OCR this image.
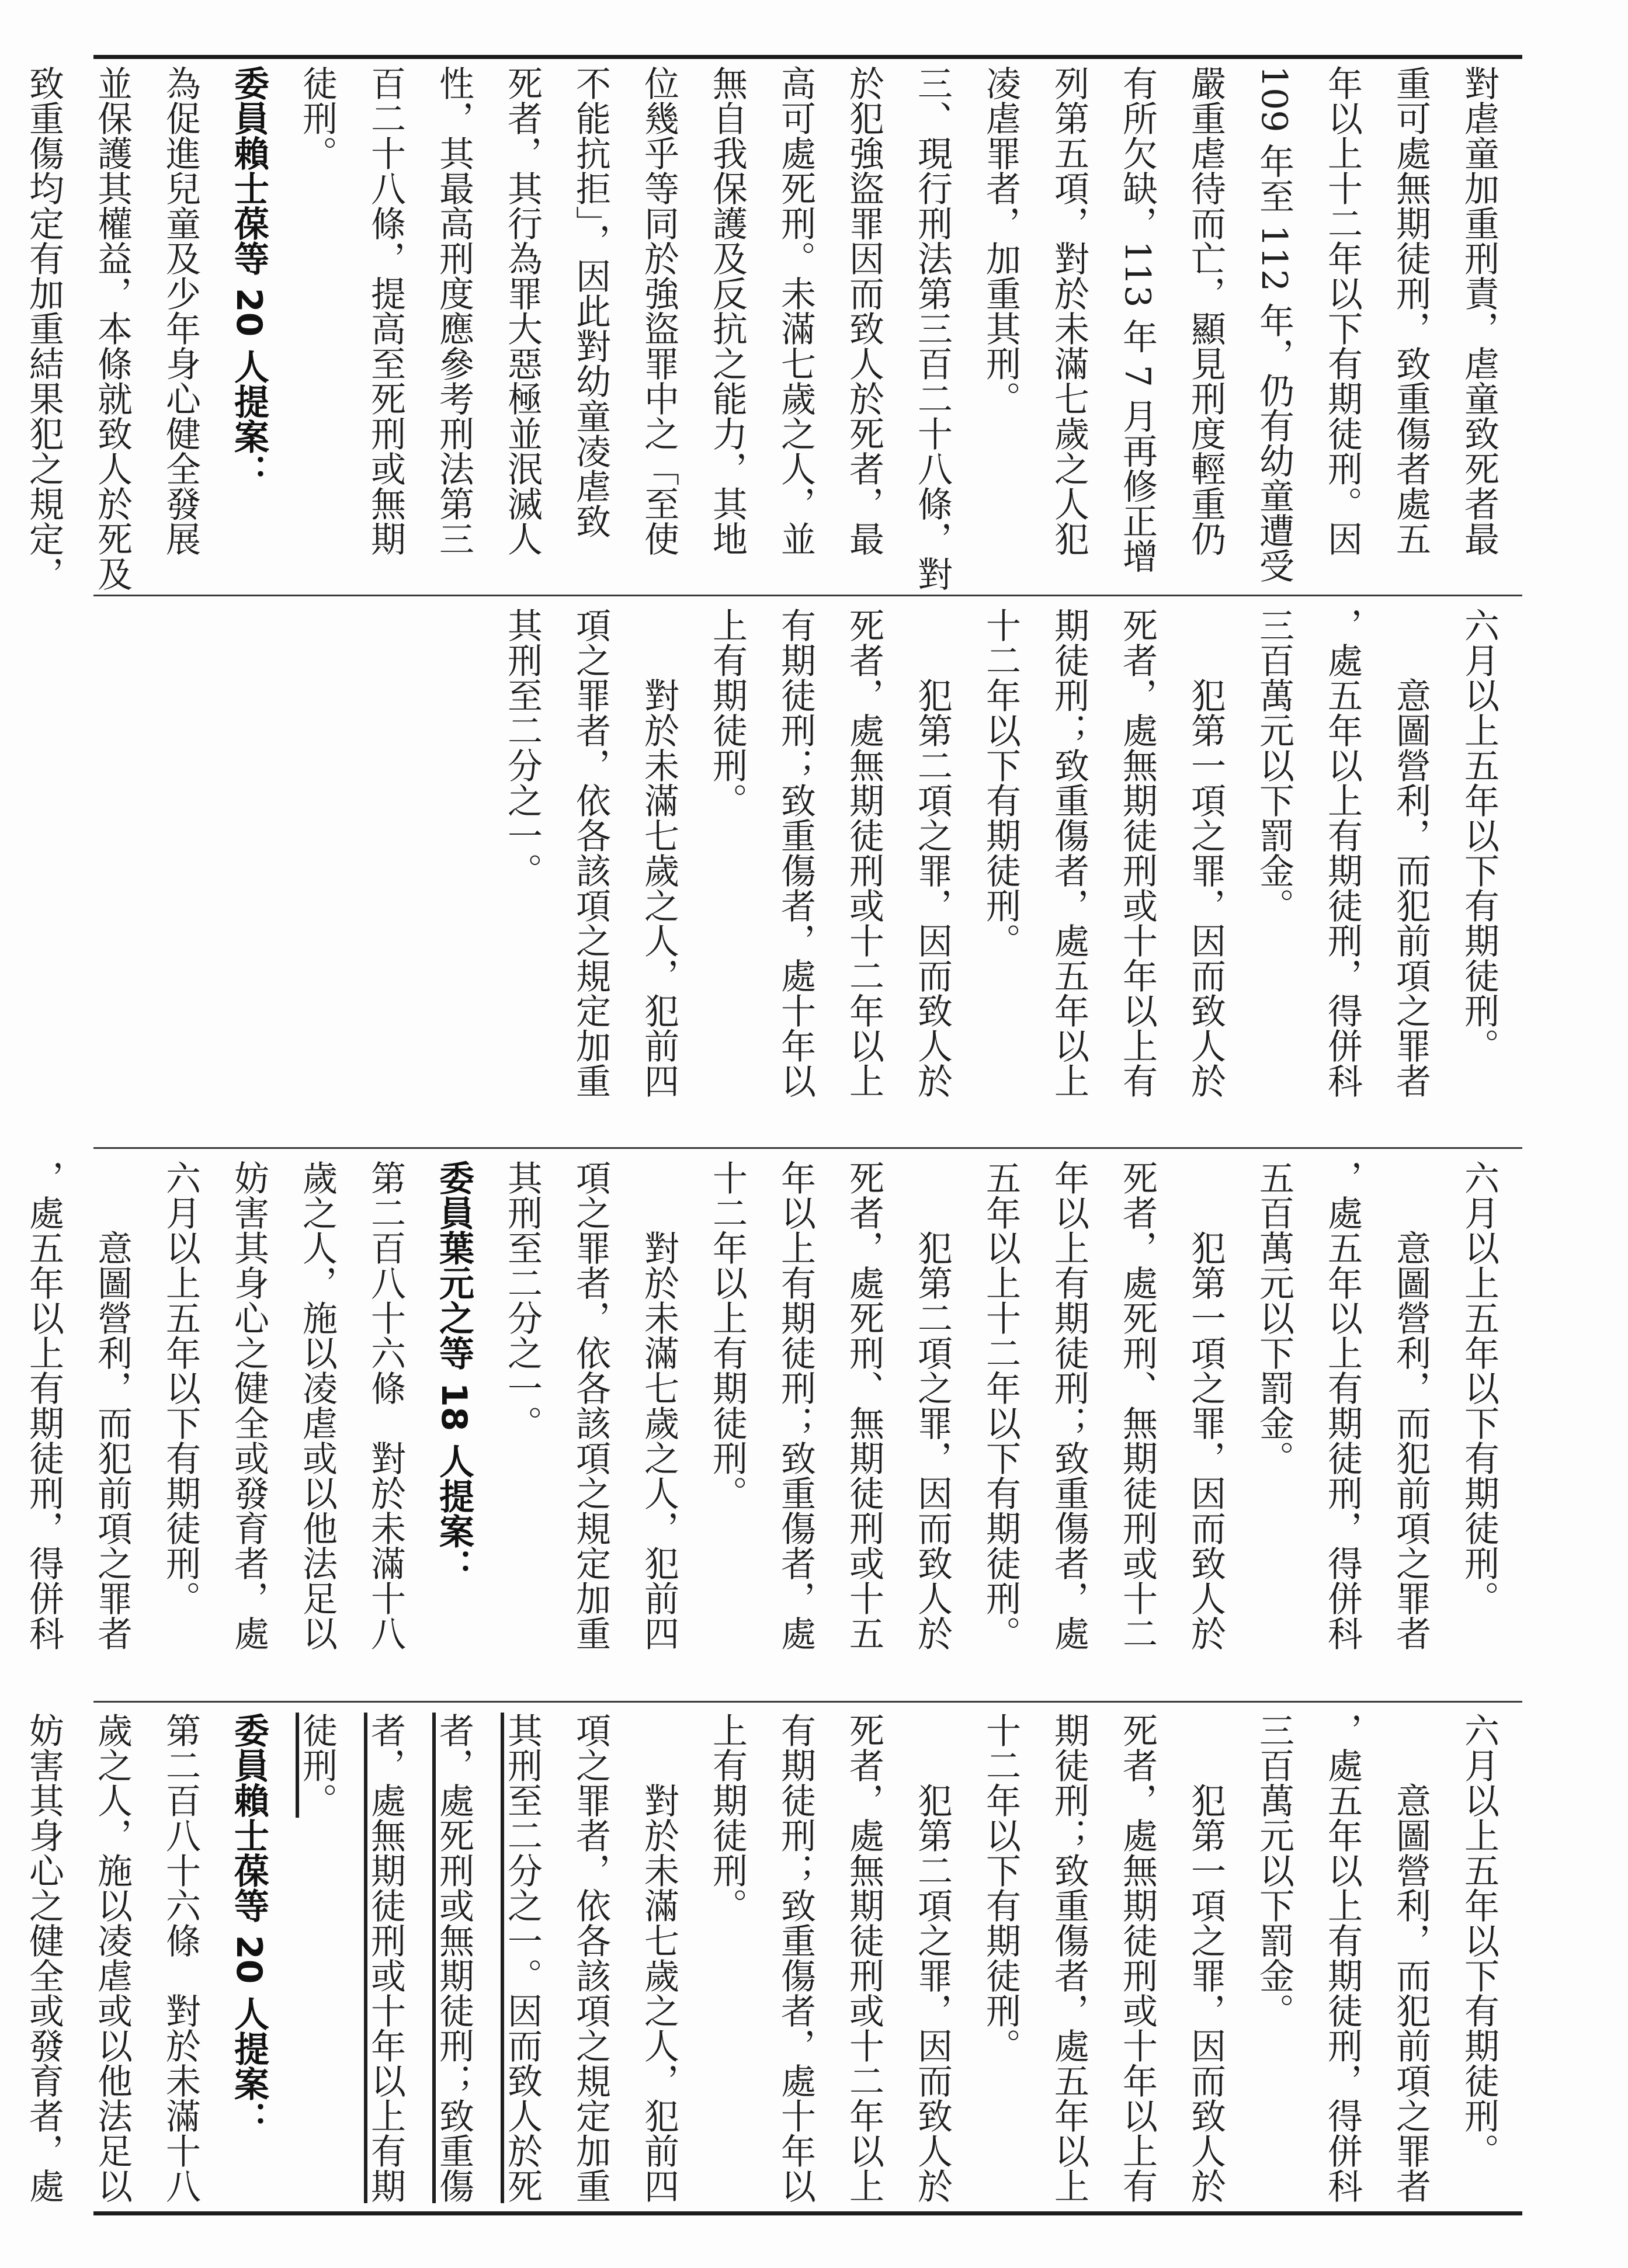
六月以上五年以下有期徒刑。

　　意圖營利，而犯前項之罪者

，處五年以上有期徒刑，得併科

三百萬元以下罰金。

　　犯第一項之罪，因而致人於

死者，處無期徒刑或十年以上有

期徒刑；致重傷者，處五年以上

十二年以下有期徒刑。

　　犯第二項之罪，因而致人於

死者，處無期徒刑或十二年以上

有期徒刑；致重傷者，處十年以

上有期徒刑。

　　對於未滿七歲之人，犯前四

項之罪者，依各該項之規定加重

其刑至二分之一。因而致人於死

者，處死刑或無期徒刑；致重傷

者，處無期徒刑或十年以上有期

徒刑。

委員賴士葆等 20 人提案：

第二百八十六條　對於未滿十八

歲之人，施以凌虐或以他法足以

妨害其身心之健全或發育者，處

六月以上五年以下有期徒刑。

　　意圖營利，而犯前項之罪者

，處五年以上有期徒刑，得併科

五百萬元以下罰金。

　　犯第一項之罪，因而致人於

死者，處死刑、無期徒刑或十二

年以上有期徒刑；致重傷者，處

五年以上十二年以下有期徒刑。

　　犯第二項之罪，因而致人於

死者，處死刑、無期徒刑或十五

年以上有期徒刑；致重傷者，處

十二年以上有期徒刑。

　　對於未滿七歲之人，犯前四

項之罪者，依各該項之規定加重

其刑至二分之一。

委員葉元之等 18 人提案：

第二百八十六條　對於未滿十八

歲之人，施以凌虐或以他法足以

妨害其身心之健全或發育者，處

六月以上五年以下有期徒刑。

　　意圖營利，而犯前項之罪者

，處五年以上有期徒刑，得併科

六月以上五年以下有期徒刑。

　　意圖營利，而犯前項之罪者

，處五年以上有期徒刑，得併科

三百萬元以下罰金。

　　犯第一項之罪，因而致人於

死者，處無期徒刑或十年以上有

期徒刑；致重傷者，處五年以上

十二年以下有期徒刑。

　　犯第二項之罪，因而致人於

死者，處無期徒刑或十二年以上

有期徒刑；致重傷者，處十年以

上有期徒刑。

　　對於未滿七歲之人，犯前四

項之罪者，依各該項之規定加重

其刑至二分之一。

對虐童加重刑責，虐童致死者最

重可處無期徒刑，致重傷者處五

年以上十二年以下有期徒刑。因

109 年至 112 年，仍有幼童遭受

嚴重虐待而亡，顯見刑度輕重仍

有所欠缺，113 年 7 月再修正增

列第五項，對於未滿七歲之人犯

凌虐罪者，加重其刑。

三、現行刑法第三百二十八條，對

於犯強盜罪因而致人於死者，最

高可處死刑。未滿七歲之人，並

無自我保護及反抗之能力，其地

位幾乎等同於強盜罪中之「至使

不能抗拒」，因此對幼童凌虐致

死者，其行為罪大惡極並泯滅人

性，其最高刑度應參考刑法第三

百二十八條，提高至死刑或無期

徒刑。

委員賴士葆等 20 人提案：

為促進兒童及少年身心健全發展

並保護其權益，本條就致人於死及

致重傷均定有加重結果犯之規定，
